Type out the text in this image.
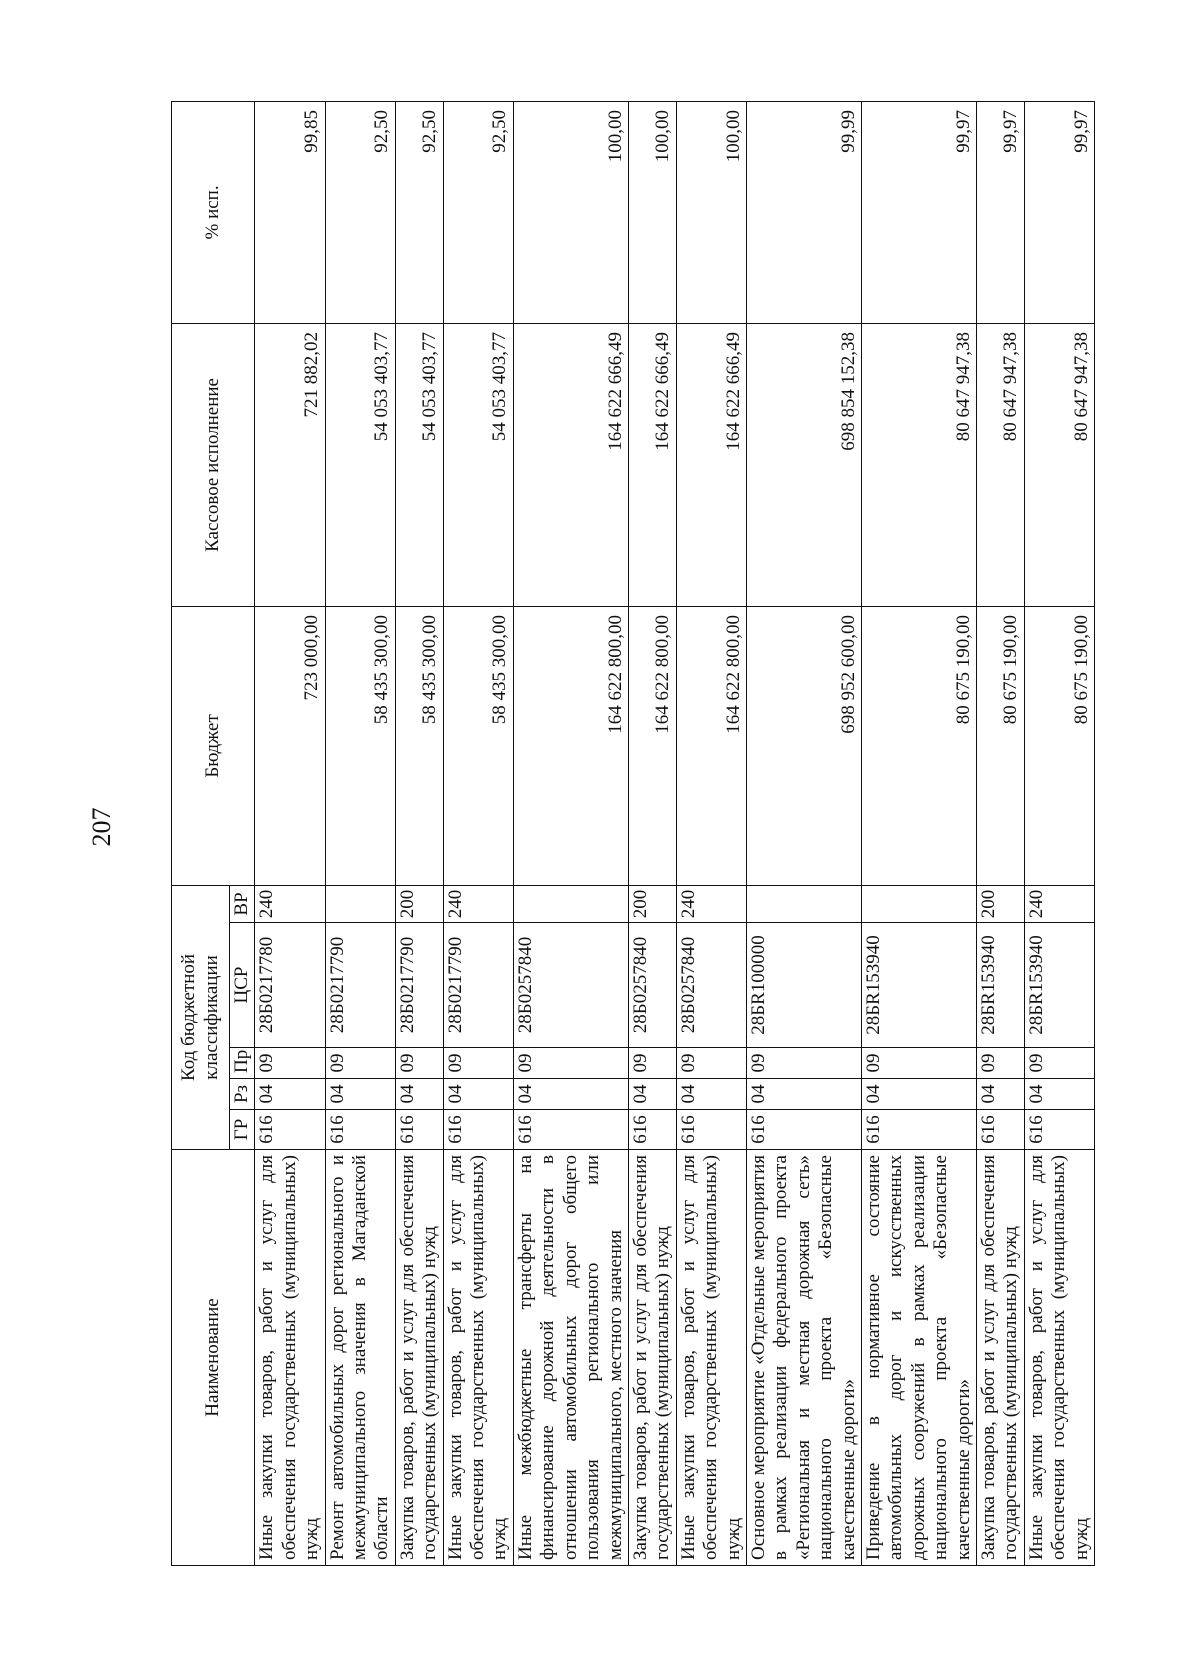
207
Наименование	Код бюджетной классификации					Бюджет	Кассовое исполнение	% исп.
	ГР	Рз	Пр	ЦСР	ВР			
Иные закупки товаров, работ и услуг для обеспечения государственных (муниципальных) нужд	616	04	09	28Б0217780	240	723 000,00	721 882,02	99,85
Ремонт автомобильных дорог регионального и межмуниципального значения в Магаданской области	616	04	09	28Б0217790		58 435 300,00	54 053 403,77	92,50
Закупка товаров, работ и услуг для обеспечения государственных (муниципальных) нужд	616	04	09	28Б0217790	200	58 435 300,00	54 053 403,77	92,50
Иные закупки товаров, работ и услуг для обеспечения государственных (муниципальных) нужд	616	04	09	28Б0217790	240	58 435 300,00	54 053 403,77	92,50
Иные межбюджетные трансферты на финансирование дорожной деятельности в отношении автомобильных дорог общего пользования регионального или межмуниципального, местного значения	616	04	09	28Б0257840		164 622 800,00	164 622 666,49	100,00
Закупка товаров, работ и услуг для обеспечения государственных (муниципальных) нужд	616	04	09	28Б0257840	200	164 622 800,00	164 622 666,49	100,00
Иные закупки товаров, работ и услуг для обеспечения государственных (муниципальных) нужд	616	04	09	28Б0257840	240	164 622 800,00	164 622 666,49	100,00
Основное мероприятие «Отдельные мероприятия в рамках реализации федерального проекта «Региональная и местная дорожная сеть» национального проекта «Безопасные качественные дороги»	616	04	09	28БR100000		698 952 600,00	698 854 152,38	99,99
Приведение в нормативное состояние автомобильных дорог и искусственных дорожных сооружений в рамках реализации национального проекта «Безопасные качественные дороги»	616	04	09	28БR153940		80 675 190,00	80 647 947,38	99,97
Закупка товаров, работ и услуг для обеспечения государственных (муниципальных) нужд	616	04	09	28БR153940	200	80 675 190,00	80 647 947,38	99,97
Иные закупки товаров, работ и услуг для обеспечения государственных (муниципальных) нужд	616	04	09	28БR153940	240	80 675 190,00	80 647 947,38	99,97
